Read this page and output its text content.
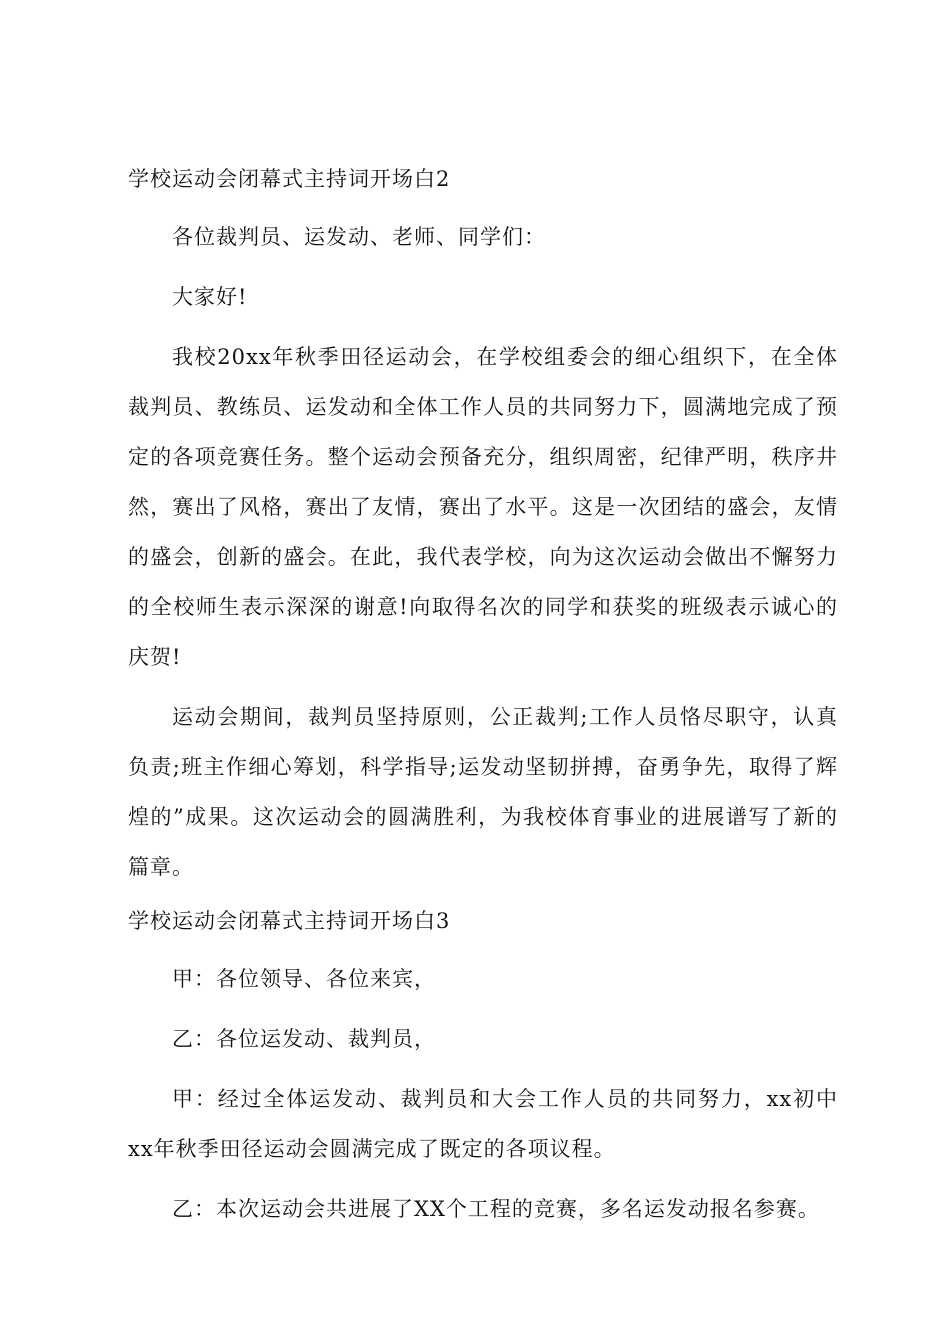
学校运动会闭幕式主持词开场白2

各位裁判员、运发动、老师、同学们：

大家好!

我校20xx年秋季田径运动会，在学校组委会的细心组织下，在全体裁判员、教练员、运发动和全体工作人员的共同努力下，圆满地完成了预定的各项竞赛任务。整个运动会预备充分，组织周密，纪律严明，秩序井然，赛出了风格，赛出了友情，赛出了水平。这是一次团结的盛会，友情的盛会，创新的盛会。在此，我代表学校，向为这次运动会做出不懈努力的全校师生表示深深的谢意!向取得名次的同学和获奖的班级表示诚心的庆贺!

运动会期间，裁判员坚持原则，公正裁判;工作人员恪尽职守，认真负责;班主作细心筹划，科学指导;运发动坚韧拼搏，奋勇争先，取得了辉煌的”成果。这次运动会的圆满胜利，为我校体育事业的进展谱写了新的篇章。

学校运动会闭幕式主持词开场白3

甲：各位领导、各位来宾，

乙：各位运发动、裁判员，

甲：经过全体运发动、裁判员和大会工作人员的共同努力，xx初中xx年秋季田径运动会圆满完成了既定的各项议程。

乙：本次运动会共进展了XX个工程的竞赛，多名运发动报名参赛。
